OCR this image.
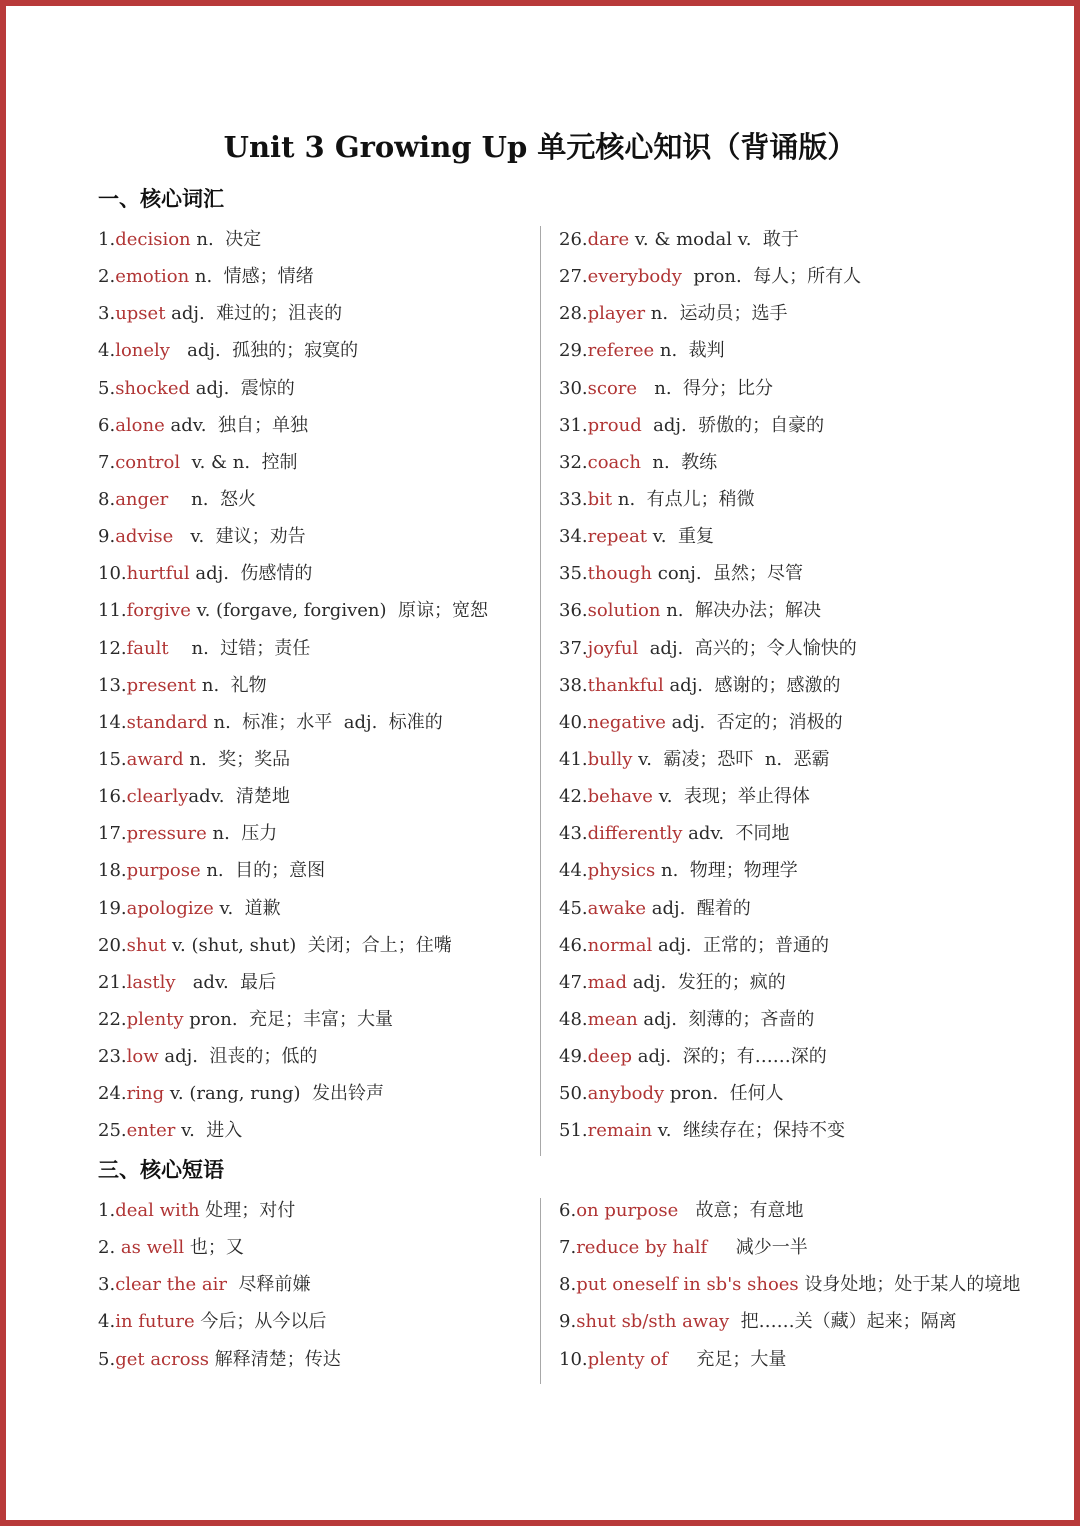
Unit 3 Growing Up 单元核心知识（背诵版）
一、核心词汇
1.decision n.  决定
2.emotion n.  情感；情绪
3.upset adj.  难过的；沮丧的
4.lonely   adj.  孤独的；寂寞的
5.shocked adj.  震惊的
6.alone adv.  独自；单独
7.control  v. & n.  控制
8.anger    n.  怒火
9.advise   v.  建议；劝告
10.hurtful adj.  伤感情的
11.forgive v. (forgave, forgiven)  原谅；宽恕
12.fault    n.  过错；责任
13.present n.  礼物
14.standard n.  标准；水平  adj.  标准的
15.award n.  奖；奖品
16.clearlyadv.  清楚地
17.pressure n.  压力
18.purpose n.  目的；意图
19.apologize v.  道歉
20.shut v. (shut, shut)  关闭；合上；住嘴
21.lastly   adv.  最后
22.plenty pron.  充足；丰富；大量
23.low adj.  沮丧的；低的
24.ring v. (rang, rung)  发出铃声
25.enter v.  进入
26.dare v. & modal v.  敢于
27.everybody  pron.  每人；所有人
28.player n.  运动员；选手
29.referee n.  裁判
30.score   n.  得分；比分
31.proud  adj.  骄傲的；自豪的
32.coach  n.  教练
33.bit n.  有点儿；稍微
34.repeat v.  重复
35.though conj.  虽然；尽管
36.solution n.  解决办法；解决
37.joyful  adj.  高兴的；令人愉快的
38.thankful adj.  感谢的；感激的
40.negative adj.  否定的；消极的
41.bully v.  霸凌；恐吓  n.  恶霸
42.behave v.  表现；举止得体
43.differently adv.  不同地
44.physics n.  物理；物理学
45.awake adj.  醒着的
46.normal adj.  正常的；普通的
47.mad adj.  发狂的；疯的
48.mean adj.  刻薄的；吝啬的
49.deep adj.  深的；有……深的
50.anybody pron.  任何人
51.remain v.  继续存在；保持不变
三、核心短语
1.deal with 处理；对付
2. as well 也；又
3.clear the air  尽释前嫌
4.in future 今后；从今以后
5.get across 解释清楚；传达
6.on purpose   故意；有意地
7.reduce by half     减少一半
8.put oneself in sb's shoes 设身处地；处于某人的境地
9.shut sb/sth away  把……关（藏）起来；隔离
10.plenty of     充足；大量
